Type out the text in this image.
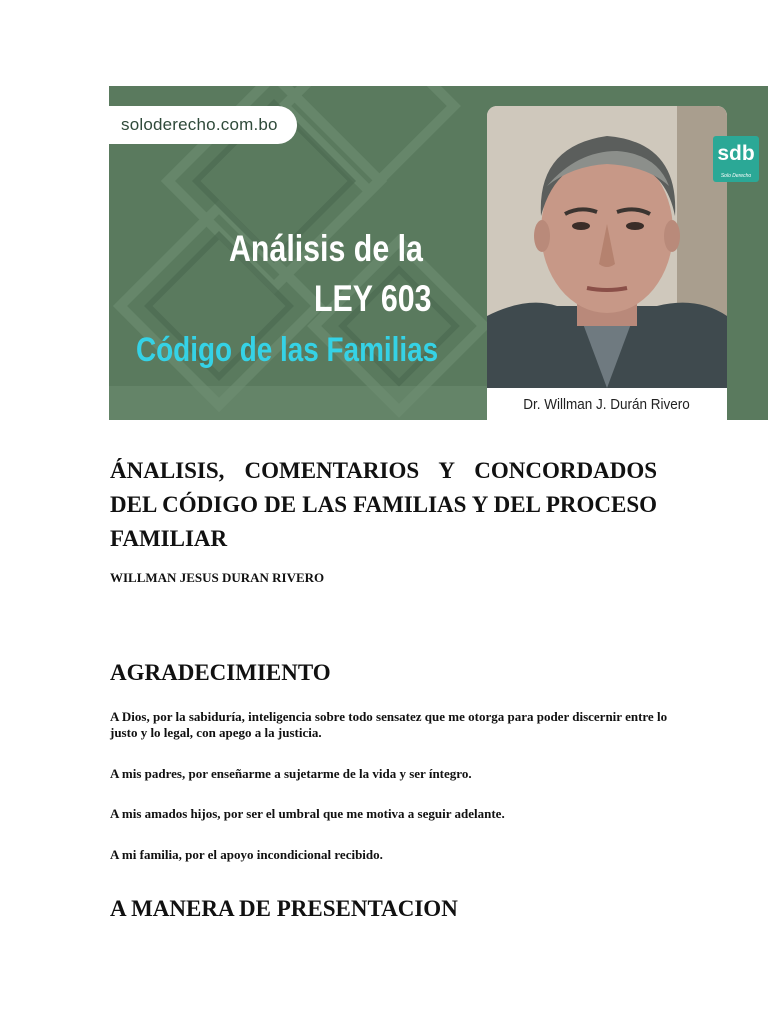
soloderecho.com.bo
Análisis de la
LEY 603
Código de las Familias
Dr. Willman J. Durán Rivero
sdb
Solo Derecho
ÁNALISIS, COMENTARIOS Y CONCORDADOS DEL CÓDIGO DE LAS FAMILIAS Y DEL PROCESO FAMILIAR
WILLMAN JESUS DURAN RIVERO
AGRADECIMIENTO
A Dios, por la sabiduría, inteligencia sobre todo sensatez que me otorga para poder discernir entre lo justo y lo legal, con apego a la justicia.
A mis padres, por enseñarme a sujetarme de la vida y ser íntegro.
A mis amados hijos, por ser el umbral que me motiva a seguir adelante.
A mi familia, por el apoyo incondicional recibido.
A MANERA DE PRESENTACION
